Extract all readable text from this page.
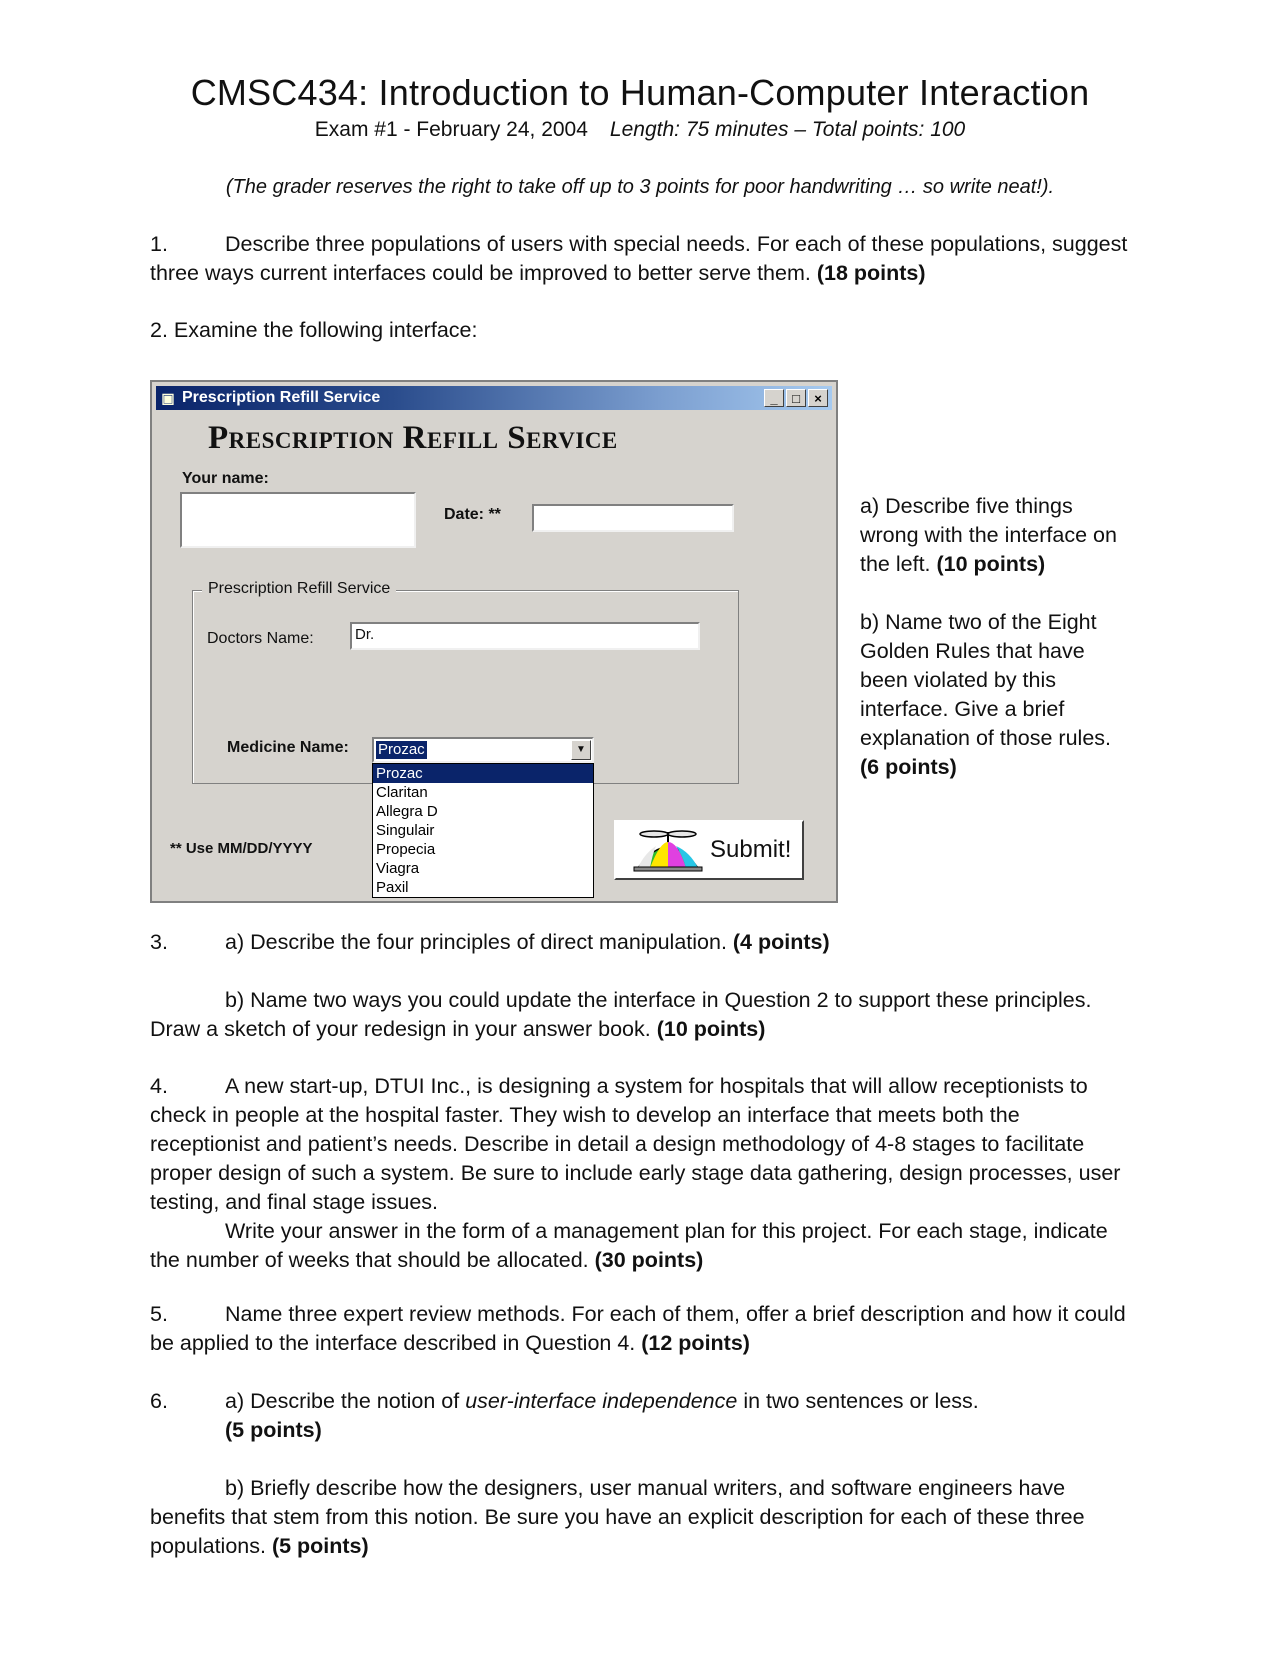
CMSC434: Introduction to Human-Computer Interaction
Exam #1 - February 24, 2004 Length: 75 minutes – Total points: 100
(The grader reserves the right to take off up to 3 points for poor handwriting … so write neat!).
1.	Describe three populations of users with special needs. For each of these populations, suggest three ways current interfaces could be improved to better serve them. (18 points)
2. Examine the following interface:
▣ Prescription Refill Service	_	□	×
Prescription Refill Service
Your name:
Date: **
Prescription Refill Service
Doctors Name:	Dr.
Medicine Name: Prozac	▼
Prozac
Claritan
Allegra D
Singulair
Propecia
Viagra
Paxil
Submit!
** Use MM/DD/YYYY
a) Describe five things wrong with the interface on the left. (10 points)
b) Name two of the Eight Golden Rules that have been violated by this interface. Give a brief explanation of those rules.
(6 points)
3.	a) Describe the four principles of direct manipulation. (4 points)
b) Name two ways you could update the interface in Question 2 to support these principles. Draw a sketch of your redesign in your answer book. (10 points)
4.	A new start-up, DTUI Inc., is designing a system for hospitals that will allow receptionists to check in people at the hospital faster. They wish to develop an interface that meets both the receptionist and patient’s needs. Describe in detail a design methodology of 4-8 stages to facilitate proper design of such a system. Be sure to include early stage data gathering, design processes, user testing, and final stage issues.
Write your answer in the form of a management plan for this project. For each stage, indicate the number of weeks that should be allocated. (30 points)
5.	Name three expert review methods. For each of them, offer a brief description and how it could be applied to the interface described in Question 4. (12 points)
6.	a) Describe the notion of user-interface independence in two sentences or less.
(5 points)
b) Briefly describe how the designers, user manual writers, and software engineers have benefits that stem from this notion. Be sure you have an explicit description for each of these three populations. (5 points)
